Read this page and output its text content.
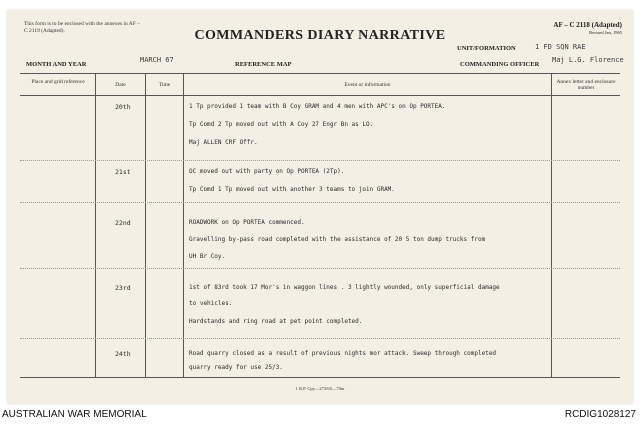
This form is to be enclosed with the annexes in AF – C 2119 (Adapted).	COMMANDERS DIARY NARRATIVE
AF – C 2118 (Adapted)
Revised Jan, 1965
UNIT/FORMATION	1 FD SQN RAE
MONTH AND YEAR
MARCH 67
REFERENCE MAP	COMMANDING OFFICER
Maj L.G. Florence
Place and grid reference	Date	Time	Event or information	Annex letter and enclosure number
20th	1 Tp provided 1 team with B Coy GRAM and 4 men with APC's on Op PORTEA.
Tp Comd 2 Tp moved out with A Coy 27 Engr Bn as LO.
Maj ALLEN CRF Offr.
21st	OC moved out with party on Op PORTEA (2Tp).
Tp Comd 1 Tp moved out with another 3 teams to join GRAM.
22nd	ROADWORK on Op PORTEA commenced.
Gravelling by-pass road completed with the assistance of 20 5 ton dump trucks from
UH Br Coy.
23rd	1st of 83rd took 17 Mor's in waggon lines . 3 lightly wounded, only superficial damage
to vehicles.
Hardstands and ring road at pet point completed.
24th	Road quarry closed as a result of previous nights mor attack. Sweep through completed
quarry ready for use 25/3.
1 B.P. Cpy—273/65—70m
AUSTRALIAN WAR MEMORIAL	RCDIG1028127
